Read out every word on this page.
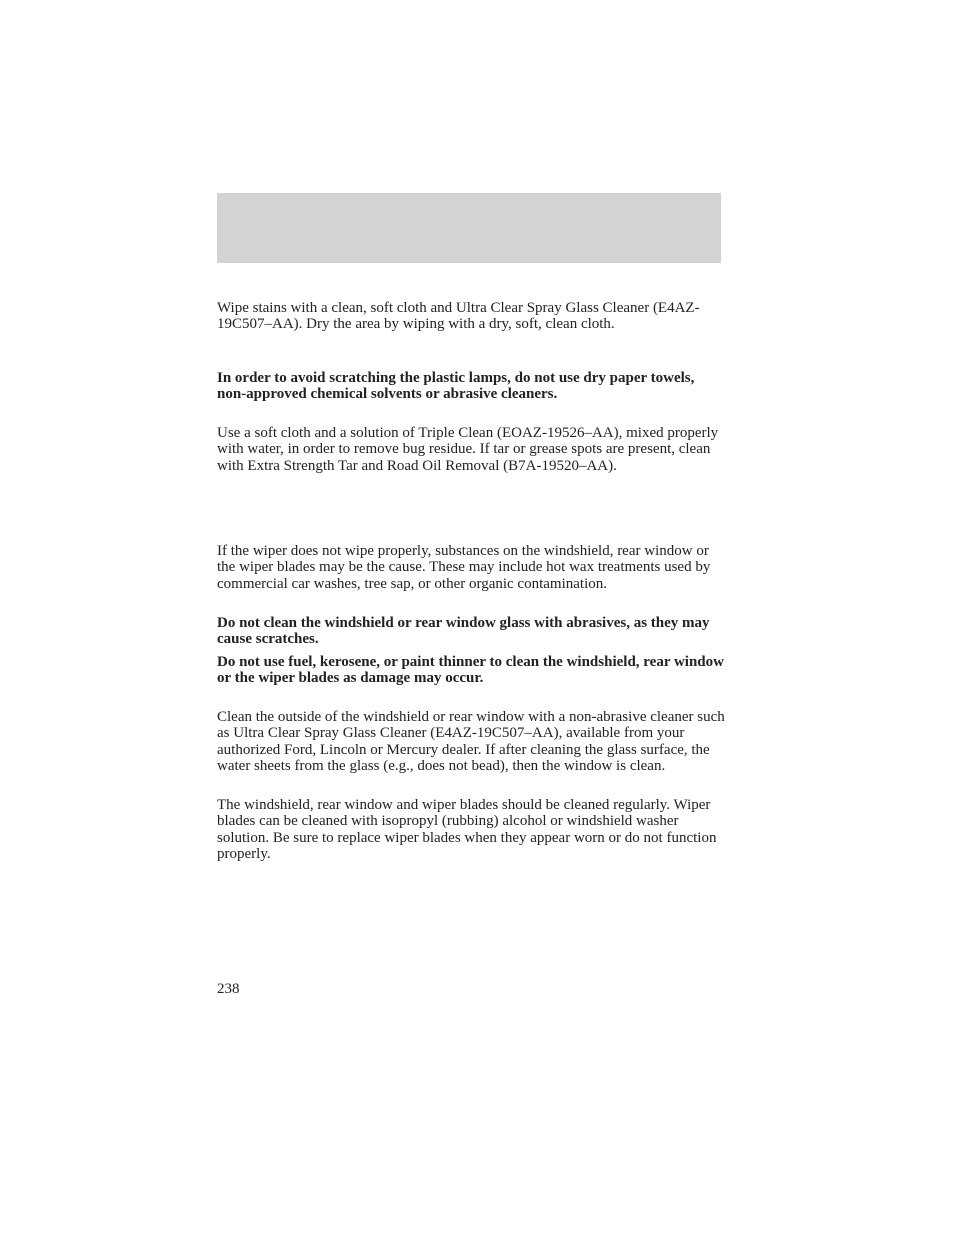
Wipe stains with a clean, soft cloth and Ultra Clear Spray Glass Cleaner (E4AZ-19C507–AA). Dry the area by wiping with a dry, soft, clean cloth.

In order to avoid scratching the plastic lamps, do not use dry paper towels, non-approved chemical solvents or abrasive cleaners.

Use a soft cloth and a solution of Triple Clean (EOAZ-19526–AA), mixed properly with water, in order to remove bug residue. If tar or grease spots are present, clean with Extra Strength Tar and Road Oil Removal (B7A-19520–AA).

If the wiper does not wipe properly, substances on the windshield, rear window or the wiper blades may be the cause. These may include hot wax treatments used by commercial car washes, tree sap, or other organic contamination.

Do not clean the windshield or rear window glass with abrasives, as they may cause scratches.

Do not use fuel, kerosene, or paint thinner to clean the windshield, rear window or the wiper blades as damage may occur.

Clean the outside of the windshield or rear window with a non-abrasive cleaner such as Ultra Clear Spray Glass Cleaner (E4AZ-19C507–AA), available from your authorized Ford, Lincoln or Mercury dealer. If after cleaning the glass surface, the water sheets from the glass (e.g., does not bead), then the window is clean.

The windshield, rear window and wiper blades should be cleaned regularly. Wiper blades can be cleaned with isopropyl (rubbing) alcohol or windshield washer solution. Be sure to replace wiper blades when they appear worn or do not function properly.

238
